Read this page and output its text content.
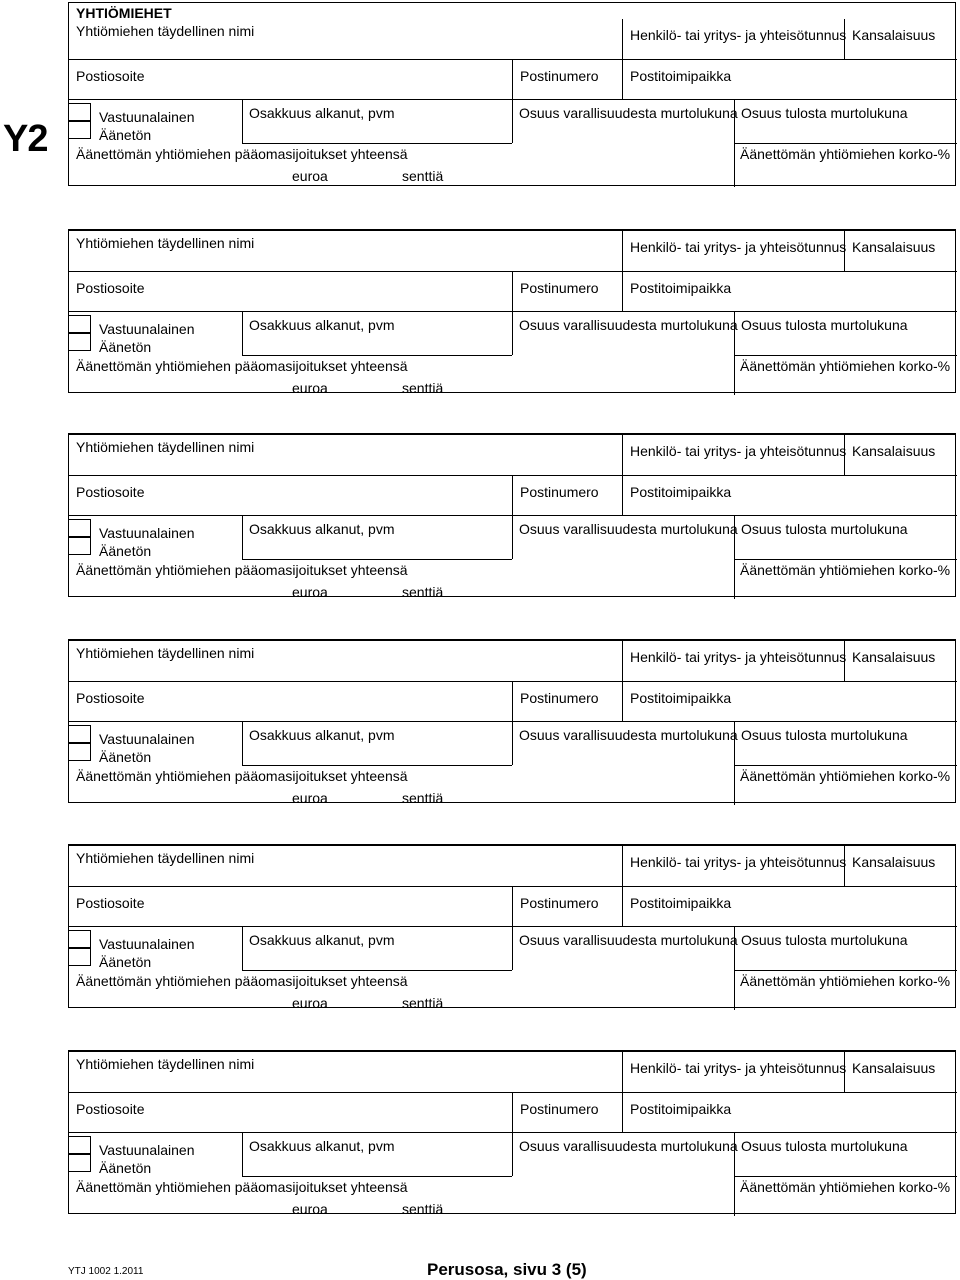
Y2
YHTIÖMIEHET
Yhtiömiehen täydellinen nimi	Henkilö- tai yritys- ja yhteisötunnus Kansalaisuus
Postiosoite	Postinumero Postitoimipaikka
Vastuunalainen
Äänetön
Osakkuus alkanut, pvm	Osuus varallisuudesta murtolukuna Osuus tulosta murtolukuna
Äänettömän yhtiömiehen pääomasijoitukset yhteensä	Äänettömän yhtiömiehen korko-%
euroa	senttiä
Yhtiömiehen täydellinen nimi	Henkilö- tai yritys- ja yhteisötunnus Kansalaisuus
Postiosoite	Postinumero Postitoimipaikka
Vastuunalainen
Äänetön
Osakkuus alkanut, pvm	Osuus varallisuudesta murtolukuna Osuus tulosta murtolukuna
Äänettömän yhtiömiehen pääomasijoitukset yhteensä	Äänettömän yhtiömiehen korko-%
euroa	senttiä
Yhtiömiehen täydellinen nimi	Henkilö- tai yritys- ja yhteisötunnus Kansalaisuus
Postiosoite	Postinumero Postitoimipaikka
Vastuunalainen
Äänetön
Osakkuus alkanut, pvm	Osuus varallisuudesta murtolukuna Osuus tulosta murtolukuna
Äänettömän yhtiömiehen pääomasijoitukset yhteensä	Äänettömän yhtiömiehen korko-%
euroa	senttiä
Yhtiömiehen täydellinen nimi	Henkilö- tai yritys- ja yhteisötunnus Kansalaisuus
Postiosoite	Postinumero Postitoimipaikka
Vastuunalainen
Äänetön
Osakkuus alkanut, pvm	Osuus varallisuudesta murtolukuna Osuus tulosta murtolukuna
Äänettömän yhtiömiehen pääomasijoitukset yhteensä	Äänettömän yhtiömiehen korko-%
euroa	senttiä
Yhtiömiehen täydellinen nimi	Henkilö- tai yritys- ja yhteisötunnus Kansalaisuus
Postiosoite	Postinumero Postitoimipaikka
Vastuunalainen
Äänetön
Osakkuus alkanut, pvm	Osuus varallisuudesta murtolukuna Osuus tulosta murtolukuna
Äänettömän yhtiömiehen pääomasijoitukset yhteensä	Äänettömän yhtiömiehen korko-%
euroa	senttiä
Yhtiömiehen täydellinen nimi	Henkilö- tai yritys- ja yhteisötunnus Kansalaisuus
Postiosoite	Postinumero Postitoimipaikka
Vastuunalainen
Äänetön
Osakkuus alkanut, pvm	Osuus varallisuudesta murtolukuna Osuus tulosta murtolukuna
Äänettömän yhtiömiehen pääomasijoitukset yhteensä	Äänettömän yhtiömiehen korko-%
euroa	senttiä
YTJ 1002 1.2011	Perusosa, sivu 3 (5)
